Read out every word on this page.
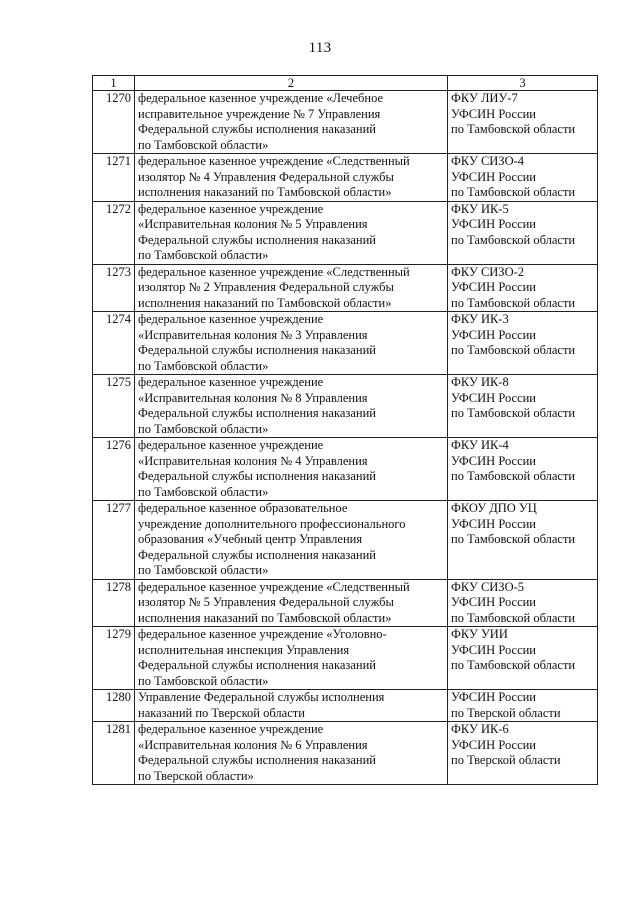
113
1	2	3
1270	федеральное казенное учреждение «Лечебное
исправительное учреждение № 7 Управления
Федеральной службы исполнения наказаний
по Тамбовской области»	ФКУ ЛИУ-7
УФСИН России
по Тамбовской области
1271	федеральное казенное учреждение «Следственный
изолятор № 4 Управления Федеральной службы
исполнения наказаний по Тамбовской области»	ФКУ СИЗО-4
УФСИН России
по Тамбовской области
1272	федеральное казенное учреждение
«Исправительная колония № 5 Управления
Федеральной службы исполнения наказаний
по Тамбовской области»	ФКУ ИК-5
УФСИН России
по Тамбовской области
1273	федеральное казенное учреждение «Следственный
изолятор № 2 Управления Федеральной службы
исполнения наказаний по Тамбовской области»	ФКУ СИЗО-2
УФСИН России
по Тамбовской области
1274	федеральное казенное учреждение
«Исправительная колония № 3 Управления
Федеральной службы исполнения наказаний
по Тамбовской области»	ФКУ ИК-3
УФСИН России
по Тамбовской области
1275	федеральное казенное учреждение
«Исправительная колония № 8 Управления
Федеральной службы исполнения наказаний
по Тамбовской области»	ФКУ ИК-8
УФСИН России
по Тамбовской области
1276	федеральное казенное учреждение
«Исправительная колония № 4 Управления
Федеральной службы исполнения наказаний
по Тамбовской области»	ФКУ ИК-4
УФСИН России
по Тамбовской области
1277	федеральное казенное образовательное
учреждение дополнительного профессионального
образования «Учебный центр Управления
Федеральной службы исполнения наказаний
по Тамбовской области»	ФКОУ ДПО УЦ
УФСИН России
по Тамбовской области
1278	федеральное казенное учреждение «Следственный
изолятор № 5 Управления Федеральной службы
исполнения наказаний по Тамбовской области»	ФКУ СИЗО-5
УФСИН России
по Тамбовской области
1279	федеральное казенное учреждение «Уголовно-
исполнительная инспекция Управления
Федеральной службы исполнения наказаний
по Тамбовской области»	ФКУ УИИ
УФСИН России
по Тамбовской области
1280	Управление Федеральной службы исполнения
наказаний по Тверской области	УФСИН России
по Тверской области
1281	федеральное казенное учреждение
«Исправительная колония № 6 Управления
Федеральной службы исполнения наказаний
по Тверской области»	ФКУ ИК-6
УФСИН России
по Тверской области
